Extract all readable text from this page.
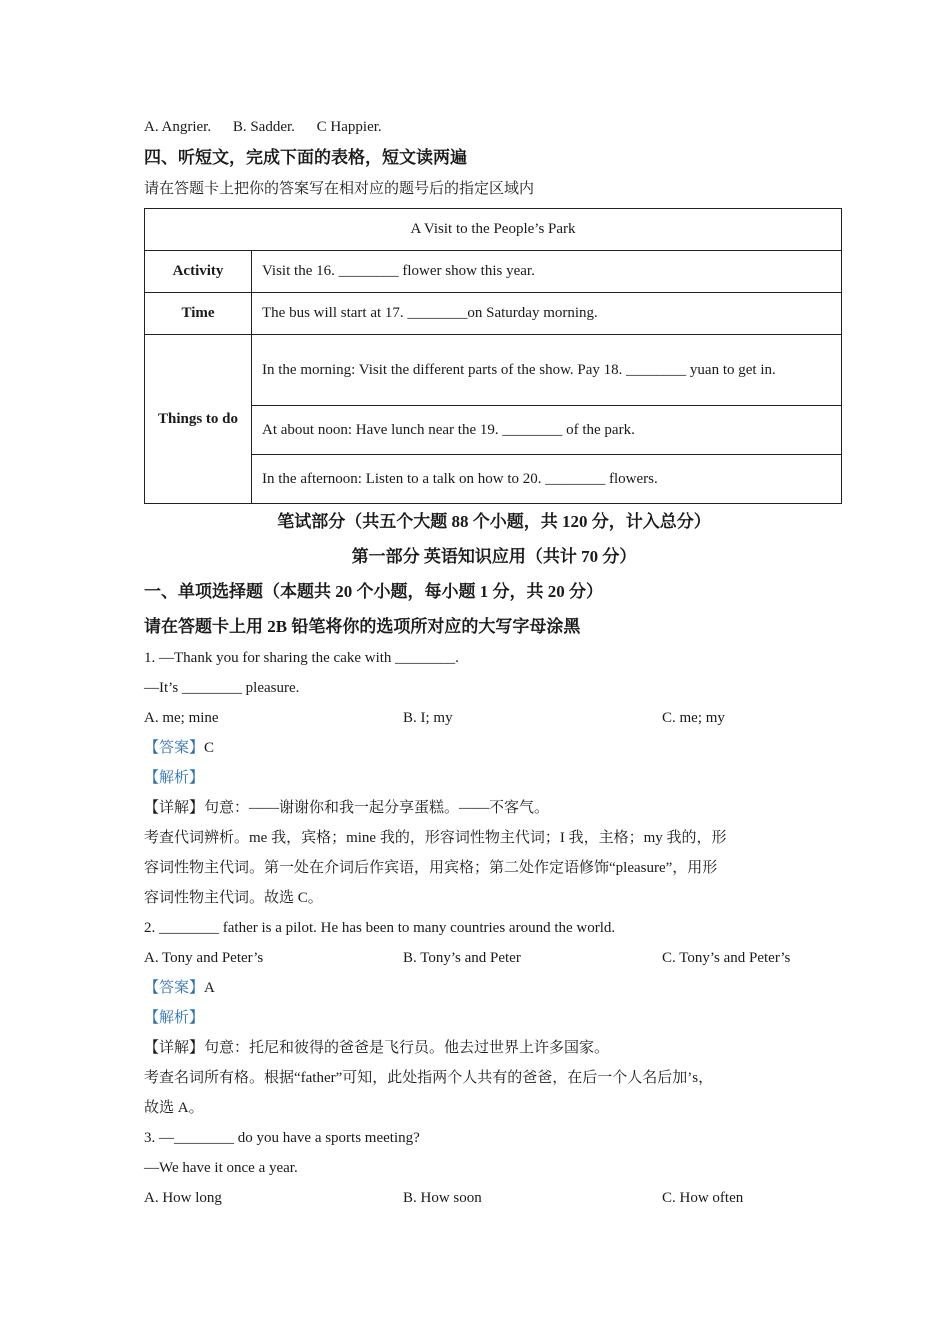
A. Angrier. B. Sadder. C Happier.
四、听短文，完成下面的表格，短文读两遍
请在答题卡上把你的答案写在相对应的题号后的指定区域内
A Visit to the People’s Park	
Activity	Visit the 16. ________ flower show this year.
Time	The bus will start at 17. ________on Saturday morning.
Things to do	In the morning: Visit the different parts of the show. Pay 18. ________ yuan to get in.
	At about noon: Have lunch near the 19. ________ of the park.
	In the afternoon: Listen to a talk on how to 20. ________ flowers.
笔试部分（共五个大题 88 个小题，共 120 分，计入总分）
第一部分 英语知识应用（共计 70 分）
一、单项选择题（本题共 20 个小题，每小题 1 分，共 20 分）
请在答题卡上用 2B 铅笔将你的选项所对应的大写字母涂黑
1. —Thank you for sharing the cake with ________.
—It’s ________ pleasure.
A. me; mine	B. I; my	C. me; my
【答案】C
【解析】
【详解】句意：——谢谢你和我一起分享蛋糕。——不客气。
考查代词辨析。me 我，宾格；mine 我的，形容词性物主代词；I 我，主格；my 我的，形
容词性物主代词。第一处在介词后作宾语，用宾格；第二处作定语修饰“pleasure”，用形
容词性物主代词。故选 C。
2. ________ father is a pilot. He has been to many countries around the world.
A. Tony and Peter’s	B. Tony’s and Peter	C. Tony’s and Peter’s
【答案】A
【解析】
【详解】句意：托尼和彼得的爸爸是飞行员。他去过世界上许多国家。
考查名词所有格。根据“father”可知，此处指两个人共有的爸爸，在后一个人名后加’s，
故选 A。
3. —________ do you have a sports meeting?
—We have it once a year.
A. How long	B. How soon	C. How often
